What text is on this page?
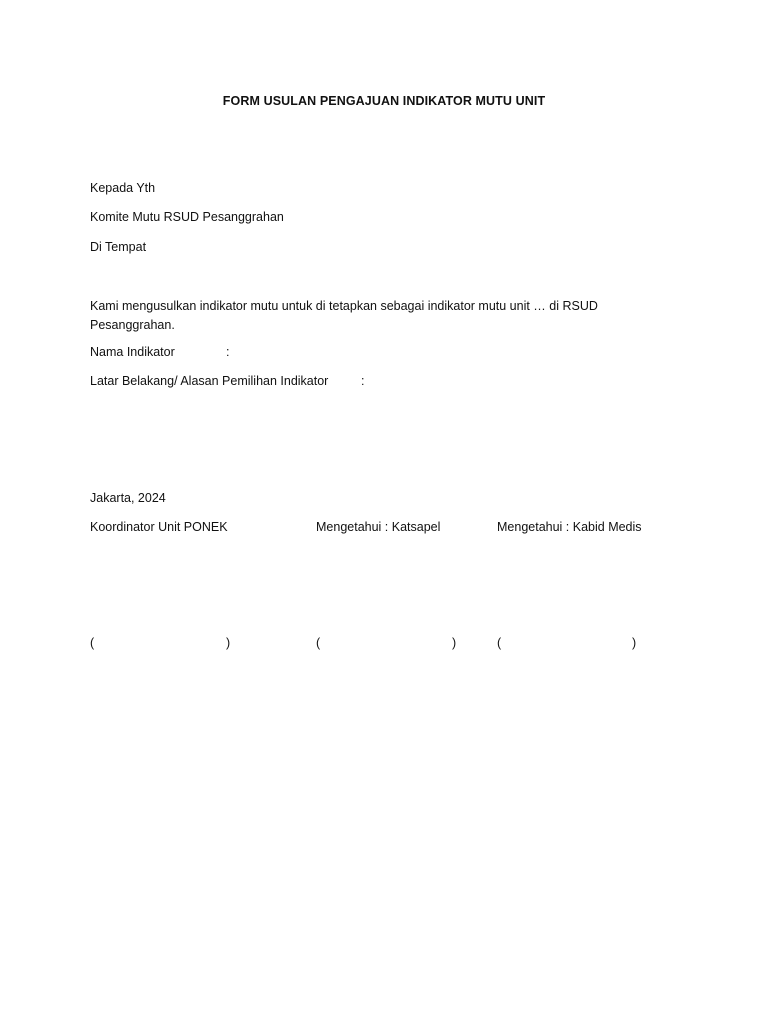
FORM USULAN PENGAJUAN INDIKATOR MUTU UNIT
Kepada Yth
Komite Mutu RSUD Pesanggrahan
Di Tempat
Kami mengusulkan indikator mutu untuk di tetapkan sebagai indikator mutu unit … di RSUD Pesanggrahan.
Nama Indikator	:
Latar Belakang/ Alasan Pemilihan Indikator	:
Jakarta, 2024
Koordinator Unit PONEK	Mengetahui : Katsapel	Mengetahui : Kabid Medis
(	)	(	)	(	)
